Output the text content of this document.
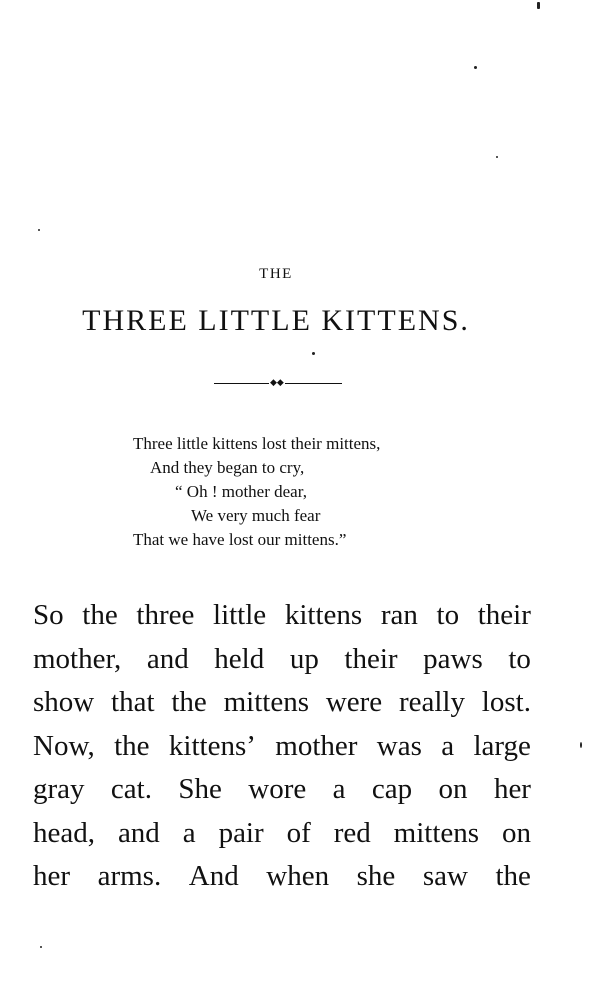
THE
THREE LITTLE KITTENS.
◆◆
Three little kittens lost their mittens,
And they began to cry,
“ Oh ! mother dear,
We very much fear
That we have lost our mittens.”
So the three little kittens ran to their
mother, and held up their paws to
show that the mittens were really lost.
Now, the kittens’ mother was a large
gray cat. She wore a cap on her
head, and a pair of red mittens on
her arms. And when she saw the
